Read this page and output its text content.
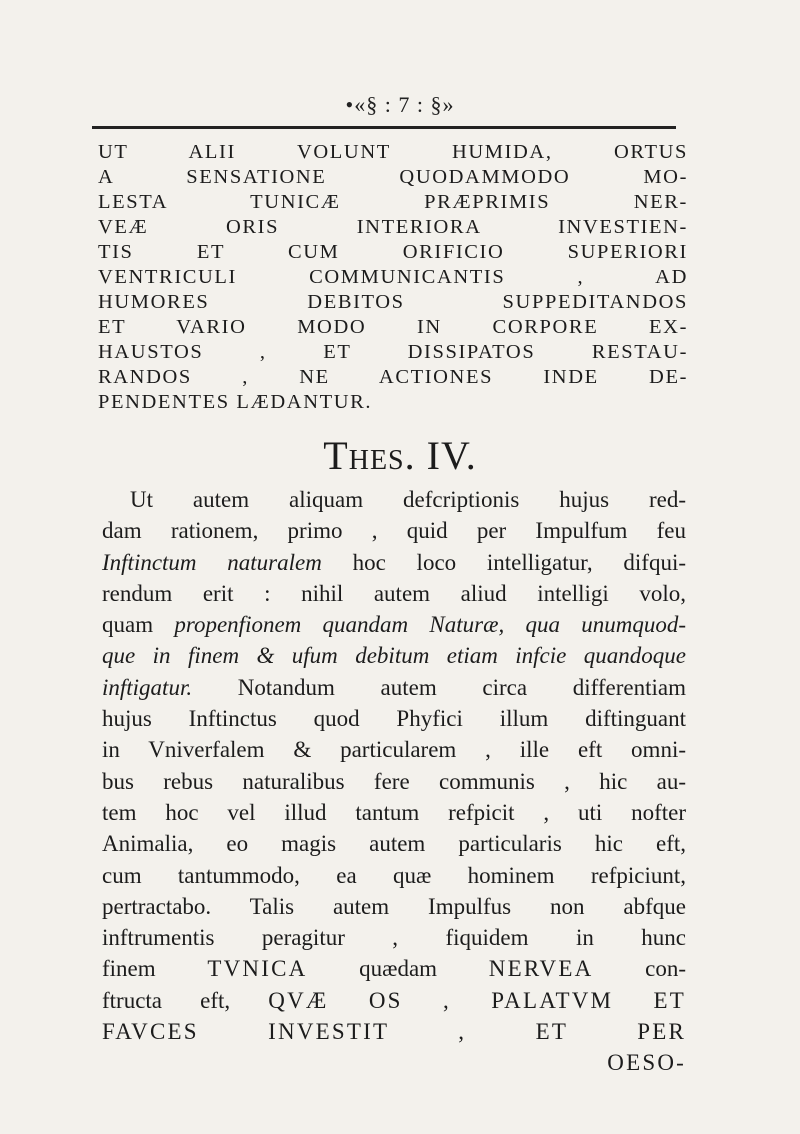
•«§ : 7 : §»
UT ALII VOLUNT HUMIDA, ORTUS
A SENSATIONE QUODAMMODO MO-
LESTA TUNICÆ PRÆPRIMIS NER-
VEÆ ORIS INTERIORA INVESTIEN-
TIS ET CUM ORIFICIO SUPERIORI
VENTRICULI COMMUNICANTIS , AD
HUMORES DEBITOS SUPPEDITANDOS
ET VARIO MODO IN CORPORE EX-
HAUSTOS , ET DISSIPATOS RESTAU-
RANDOS , NE ACTIONES INDE DE-
PENDENTES LÆDANTUR.
Thes. IV.
Ut autem aliquam defcriptionis hujus red-
dam rationem, primo , quid per Impulfum feu
Inftinctum naturalem hoc loco intelligatur, difqui-
rendum erit : nihil autem aliud intelligi volo,
quam propenfionem quandam Naturæ, qua unumquod-
que in finem & ufum debitum etiam infcie quandoque
inftigatur. Notandum autem circa differentiam
hujus Inftinctus quod Phyfici illum diftinguant
in Vniverfalem & particularem , ille eft omni-
bus rebus naturalibus fere communis , hic au-
tem hoc vel illud tantum refpicit , uti nofter
Animalia, eo magis autem particularis hic eft,
cum tantummodo, ea quæ hominem refpiciunt,
pertractabo. Talis autem Impulfus non abfque
inftrumentis peragitur , fiquidem in hunc
finem TVNICA quædam NERVEA con-
ftructa eft, QVÆ OS , PALATVM ET
FAVCES INVESTIT , ET PER
OESO-
